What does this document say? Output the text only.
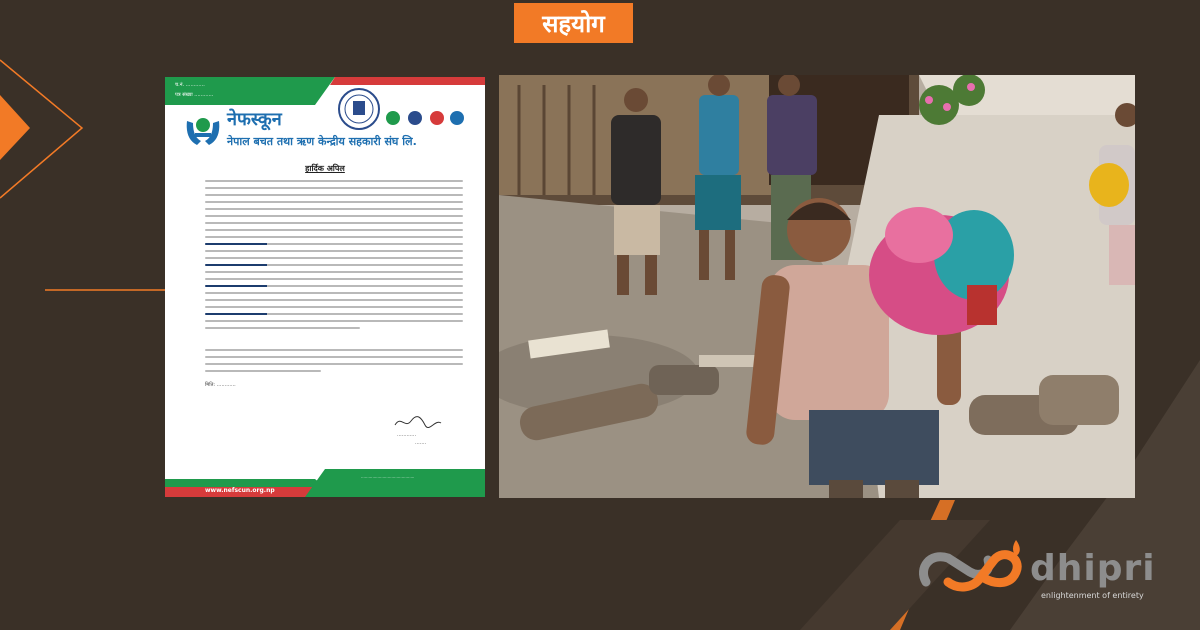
सहयोग
च.नं. ............
पत्र संख्या ............
नेफस्कून
नेपाल बचत तथा ऋण केन्द्रीय सहकारी संघ लि.
हार्दिक अपिल
मिति: ............
............
.......
www.nefscun.org.np
..........................................
dhipri
enlightenment of entirety
